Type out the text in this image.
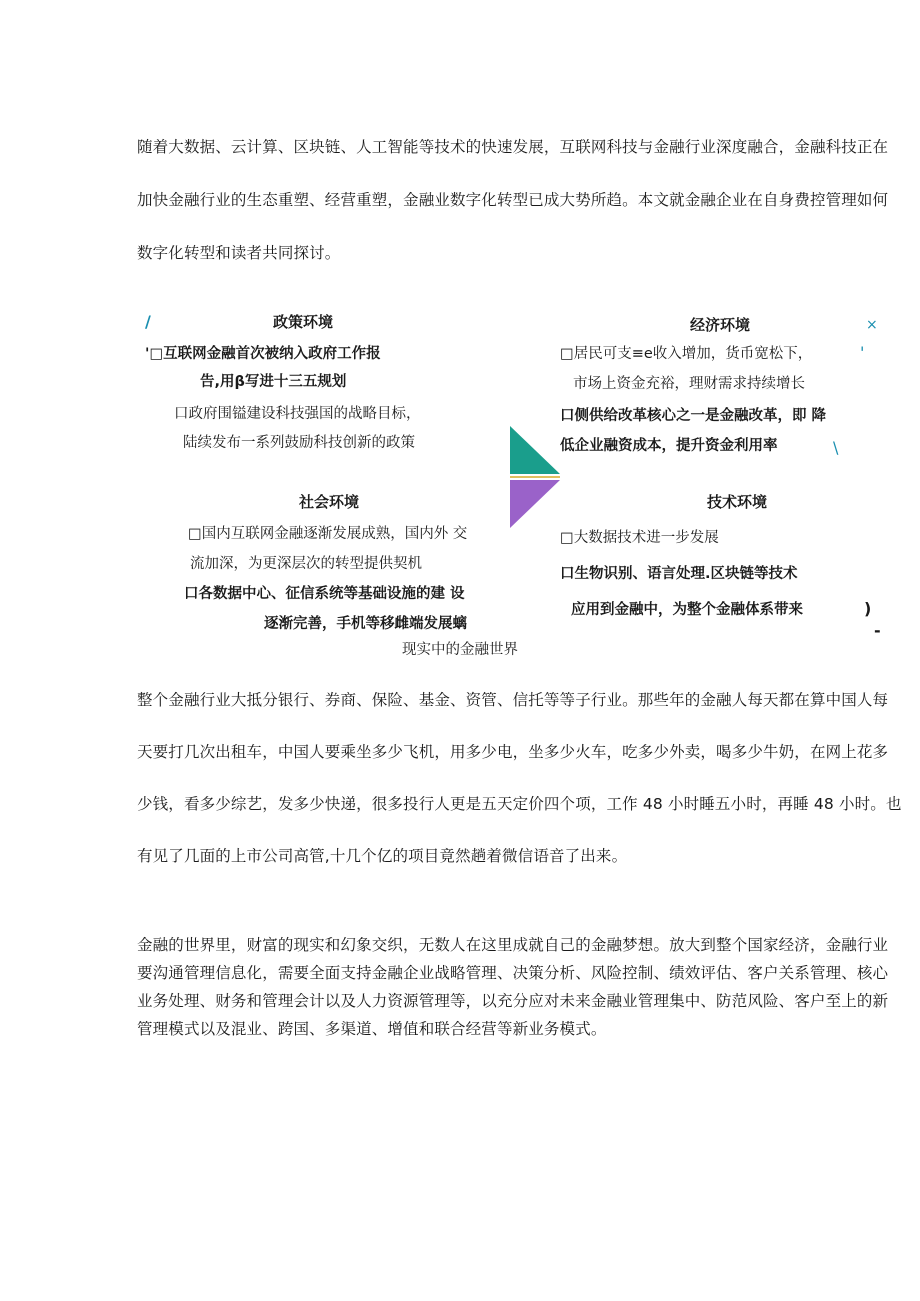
随着大数据、云计算、区块链、人工智能等技术的快速发展，互联网科技与金融行业深度融合，金融科技正在
加快金融行业的生态重塑、经营重塑，金融业数字化转型已成大势所趋。本文就金融企业在自身费控管理如何
数字化转型和读者共同探讨。
/	×
'
\
)
-
政策环境
'□互联网金融首次被纳入政府工作报
告,用β写进十三五规划
口政府围镒建设科技强国的战略目标，
陆续发布一系列鼓励科技创新的政策
经济环境
□居民可支≡e收入增加，货币宽松下，
市场上资金充裕，理财需求持续增长
口侧供给改革核心之一是金融改革，即 降
低企业融资成本，提升资金利用率
社会环境
□国内互联网金融逐渐发展成熟，国内外 交
流加深，为更深层次的转型提供契机
口各数据中心、征信系统等基础设施的建 设
逐渐完善，手机等移雌端发展螭
技术环境
□大数据技术进一步发展
口生物识别、语言处理.区块链等技术
应用到金融中，为整个金融体系带来
现实中的金融世界
整个金融行业大抵分银行、券商、保险、基金、资管、信托等等子行业。那些年的金融人每天都在算中国人每
天要打几次出租车，中国人要乘坐多少飞机，用多少电，坐多少火车，吃多少外卖，喝多少牛奶，在网上花多
少钱，看多少综艺，发多少快递，很多投行人更是五天定价四个项，工作 48 小时睡五小时，再睡 48 小时。也
有见了几面的上市公司高管,十几个亿的项目竟然趟着微信语音了出来。
金融的世界里，财富的现实和幻象交织，无数人在这里成就自己的金融梦想。放大到整个国家经济，金融行业
要沟通管理信息化，需要全面支持金融企业战略管理、决策分析、风险控制、绩效评估、客户关系管理、核心
业务处理、财务和管理会计以及人力资源管理等，以充分应对未来金融业管理集中、防范风险、客户至上的新
管理模式以及混业、跨国、多渠道、增值和联合经营等新业务模式。
